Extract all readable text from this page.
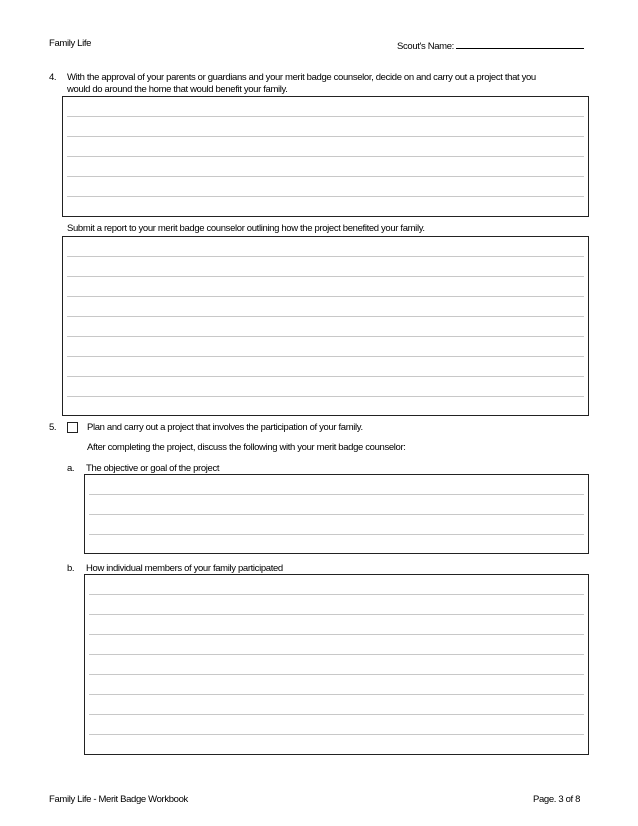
Family Life	Scout's Name:
4. With the approval of your parents or guardians and your merit badge counselor, decide on and carry out a project that you
would do around the home that would benefit your family.
Submit a report to your merit badge counselor outlining how the project benefited your family.
5.	Plan and carry out a project that involves the participation of your family.
After completing the project, discuss the following with your merit badge counselor:
a. The objective or goal of the project
b. How individual members of your family participated
Family Life - Merit Badge Workbook	Page. 3 of 8
